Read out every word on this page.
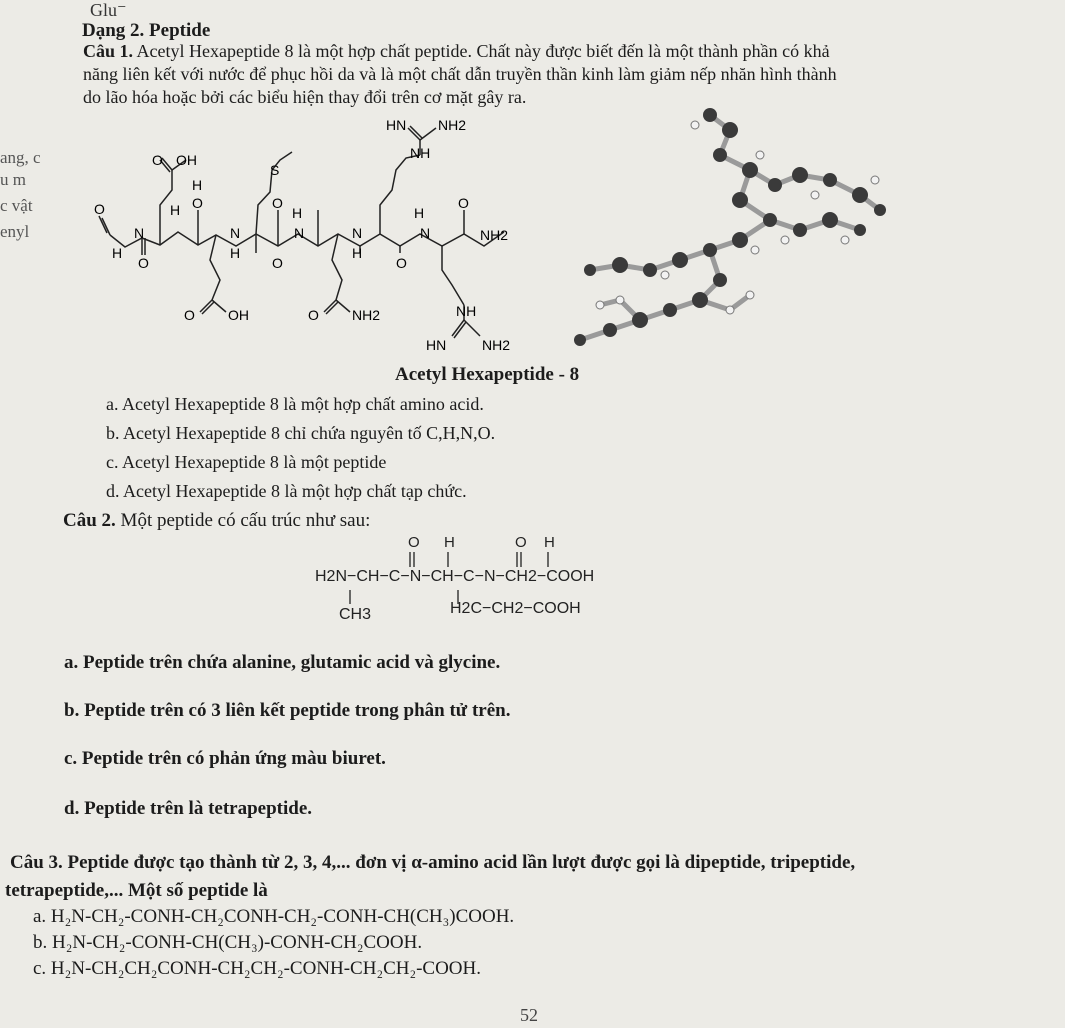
Glu⁻
Dạng 2. Peptide
ang, c
u m
c vật
enyl
Câu 1. Acetyl Hexapeptide 8 là một hợp chất peptide. Chất này được biết đến là một thành phần có khả
năng liên kết với nước để phục hồi da và là một chất dẫn truyền thần kinh làm giảm nếp nhăn hình thành
do lão hóa hoặc bởi các biểu hiện thay đổi trên cơ mặt gây ra.
HN NH2
NH
O OH
S
O	H O
H
N
H
O
N
H
O
H
N
O
N
H
O
H
N
O
NH2
O OH	O NH2	NH
HN	NH2
Acetyl Hexapeptide - 8
a. Acetyl Hexapeptide 8 là một hợp chất amino acid.
b. Acetyl Hexapeptide 8 chỉ chứa nguyên tố C,H,N,O.
c. Acetyl Hexapeptide 8 là một peptide
d. Acetyl Hexapeptide 8 là một hợp chất tạp chức.
Câu 2. Một peptide có cấu trúc như sau:
O H	O H
H2N−CH−C−N−CH−C−N−CH2−COOH
CH3	H2C−CH2−COOH
a. Peptide trên chứa alanine, glutamic acid và glycine.
b. Peptide trên có 3 liên kết peptide trong phân tử trên.
c. Peptide trên có phản ứng màu biuret.
d. Peptide trên là tetrapeptide.
Câu 3. Peptide được tạo thành từ 2, 3, 4,... đơn vị α-amino acid lần lượt được gọi là dipeptide, tripeptide,
tetrapeptide,... Một số peptide là
a. H₂N-CH₂-CONH-CH₂CONH-CH₂-CONH-CH(CH₃)COOH.
b. H₂N-CH₂-CONH-CH(CH₃)-CONH-CH₂COOH.
c. H₂N-CH₂CH₂CONH-CH₂CH₂-CONH-CH₂CH₂-COOH.
52
